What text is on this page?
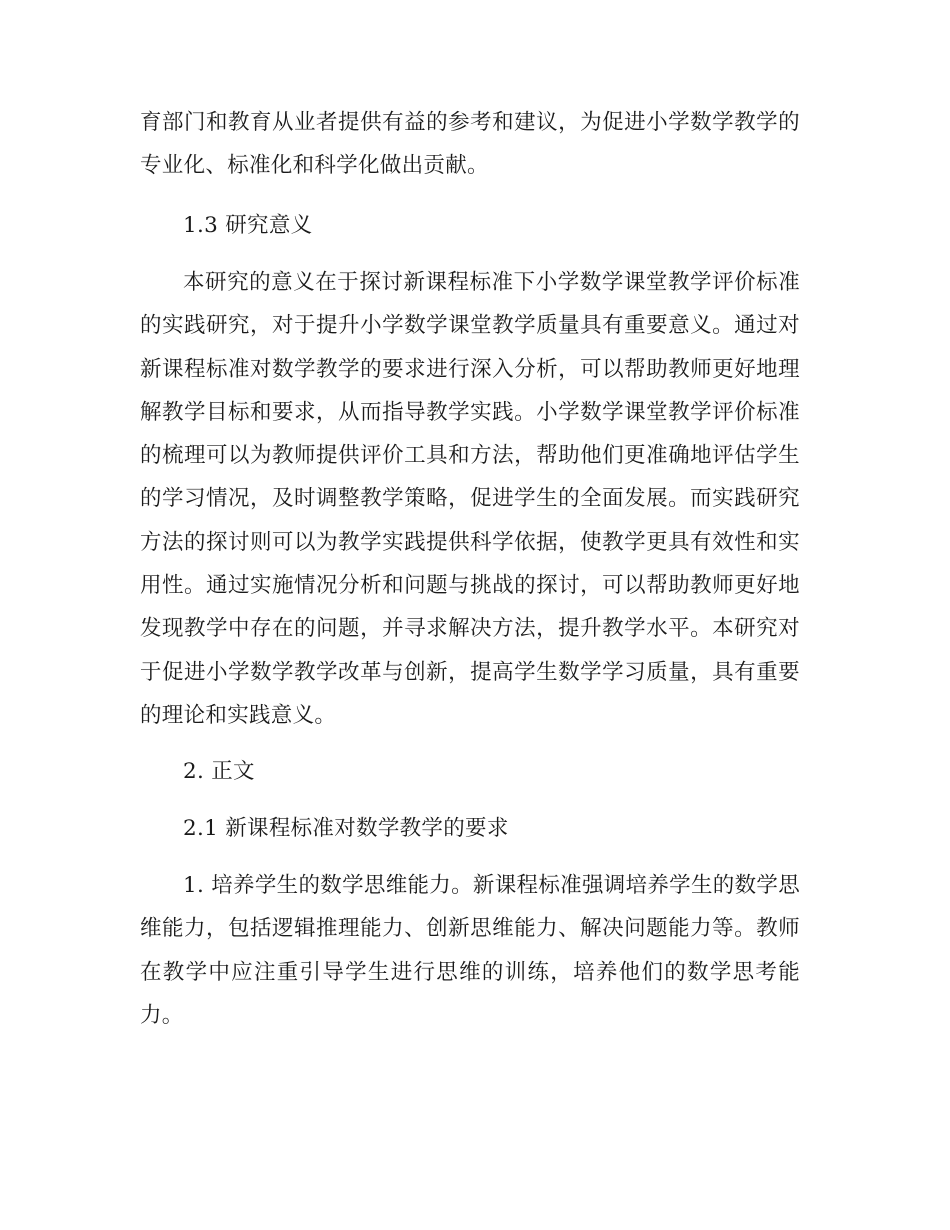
育部门和教育从业者提供有益的参考和建议，为促进小学数学教学的专业化、标准化和科学化做出贡献。

1.3 研究意义

本研究的意义在于探讨新课程标准下小学数学课堂教学评价标准的实践研究，对于提升小学数学课堂教学质量具有重要意义。通过对新课程标准对数学教学的要求进行深入分析，可以帮助教师更好地理解教学目标和要求，从而指导教学实践。小学数学课堂教学评价标准的梳理可以为教师提供评价工具和方法，帮助他们更准确地评估学生的学习情况，及时调整教学策略，促进学生的全面发展。而实践研究方法的探讨则可以为教学实践提供科学依据，使教学更具有效性和实用性。通过实施情况分析和问题与挑战的探讨，可以帮助教师更好地发现教学中存在的问题，并寻求解决方法，提升教学水平。本研究对于促进小学数学教学改革与创新，提高学生数学学习质量，具有重要的理论和实践意义。

2. 正文

2.1 新课程标准对数学教学的要求

1. 培养学生的数学思维能力。新课程标准强调培养学生的数学思维能力，包括逻辑推理能力、创新思维能力、解决问题能力等。教师在教学中应注重引导学生进行思维的训练，培养他们的数学思考能力。
